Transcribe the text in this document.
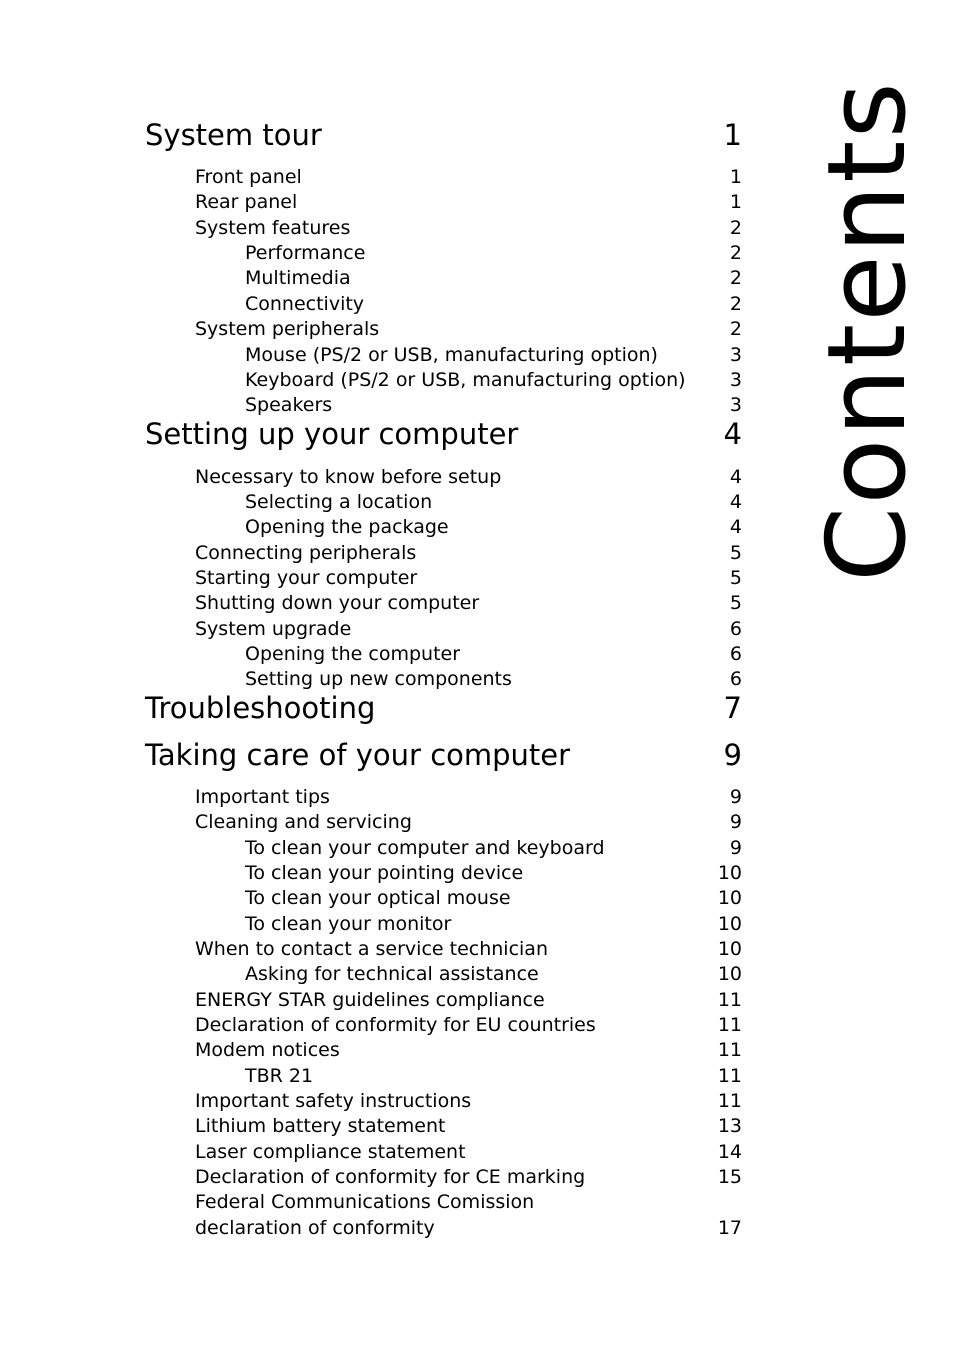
System tour	1
Front panel	1
Rear panel	1
System features	2
Performance	2
Multimedia	2
Connectivity	2
System peripherals	2
Mouse (PS/2 or USB, manufacturing option)	3
Keyboard (PS/2 or USB, manufacturing option) 3
Speakers	3
Setting up your computer	4
Necessary to know before setup	4
Selecting a location	4
Opening the package	4
Connecting peripherals	5
Starting your computer	5
Shutting down your computer	5
System upgrade	6
Opening the computer	6
Setting up new components	6
Troubleshooting	7
Taking care of your computer	9
Important tips	9
Cleaning and servicing	9
To clean your computer and keyboard	9
To clean your pointing device	10
To clean your optical mouse	10
To clean your monitor	10
When to contact a service technician	10
Asking for technical assistance	10
ENERGY STAR guidelines compliance	11
Declaration of conformity for EU countries	11
Modem notices	11
TBR 21	11
Important safety instructions	11
Lithium battery statement	13
Laser compliance statement	14
Declaration of conformity for CE marking	15
Federal Communications Comission
declaration of conformity	17
Contents
